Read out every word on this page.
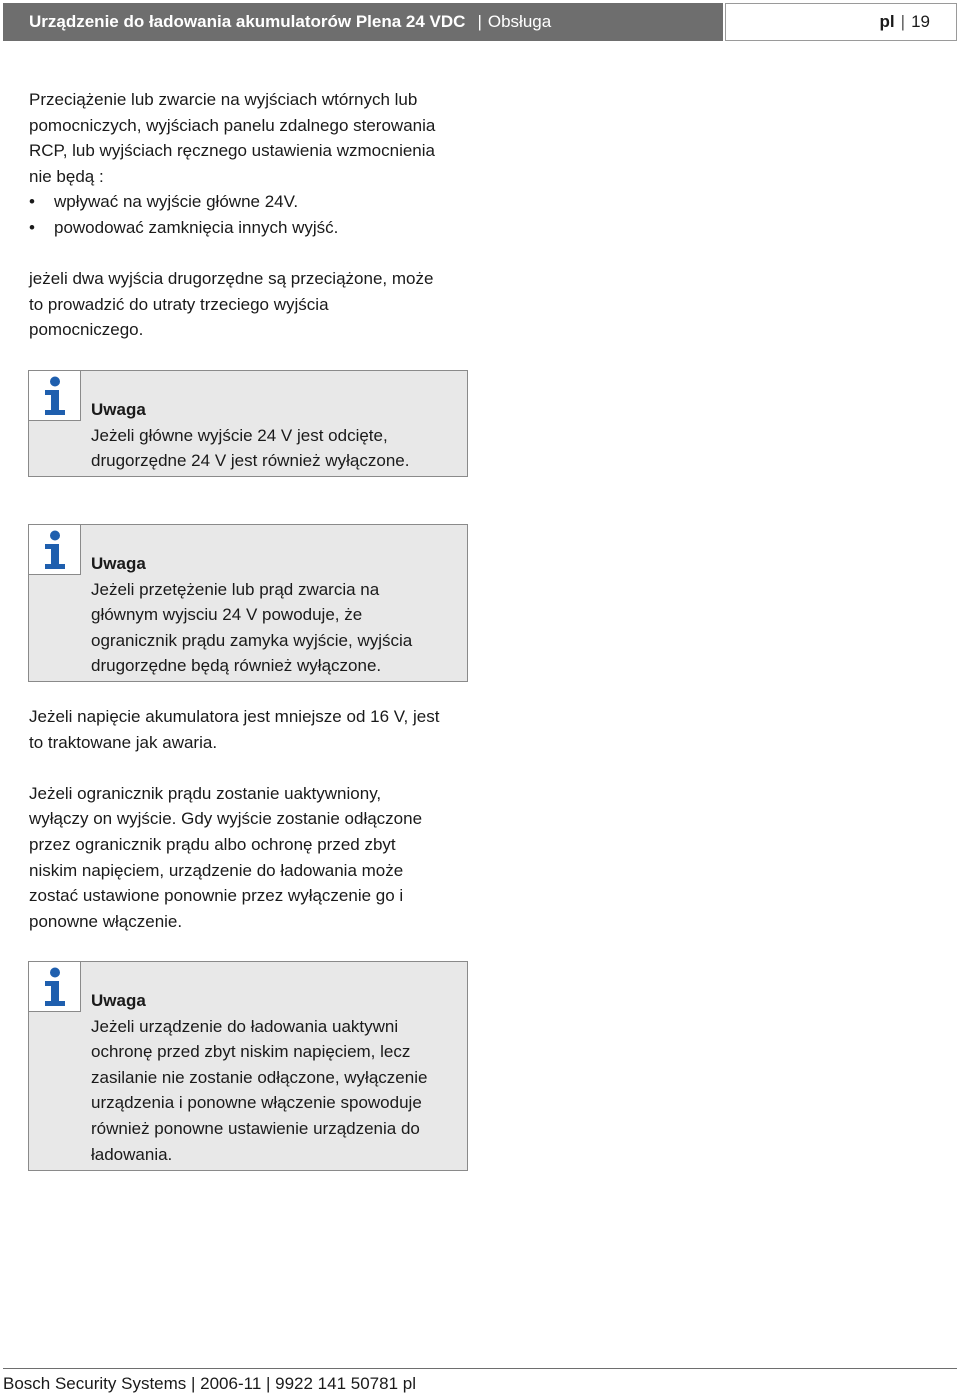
Urządzenie do ładowania akumulatorów Plena 24 VDC | Obsługa	pl | 19

Przeciążenie lub zwarcie na wyjściach wtórnych lub

pomocniczych, wyjściach panelu zdalnego sterowania

RCP, lub wyjściach ręcznego ustawienia wzmocnienia

nie będą :

• wpływać na wyjście główne 24V.
• powodować zamknięcia innych wyjść.

jeżeli dwa wyjścia drugorzędne są przeciążone, może

to prowadzić do utraty trzeciego wyjścia

pomocniczego.

Uwaga
Jeżeli główne wyjście 24 V jest odcięte,
drugorzędne 24 V jest również wyłączone.
Uwaga
Jeżeli przetężenie lub prąd zwarcia na
głównym wyjsciu 24 V powoduje, że
ogranicznik prądu zamyka wyjście, wyjścia
drugorzędne będą również wyłączone.

Jeżeli napięcie akumulatora jest mniejsze od 16 V, jest

to traktowane jak awaria.

Jeżeli ogranicznik prądu zostanie uaktywniony,

wyłączy on wyjście. Gdy wyjście zostanie odłączone

przez ogranicznik prądu albo ochronę przed zbyt

niskim napięciem, urządzenie do ładowania może

zostać ustawione ponownie przez wyłączenie go i

ponowne włączenie.

Uwaga
Jeżeli urządzenie do ładowania uaktywni
ochronę przed zbyt niskim napięciem, lecz
zasilanie nie zostanie odłączone, wyłączenie
urządzenia i ponowne włączenie spowoduje
również ponowne ustawienie urządzenia do
ładowania.
Bosch Security Systems | 2006-11 | 9922 141 50781 pl
